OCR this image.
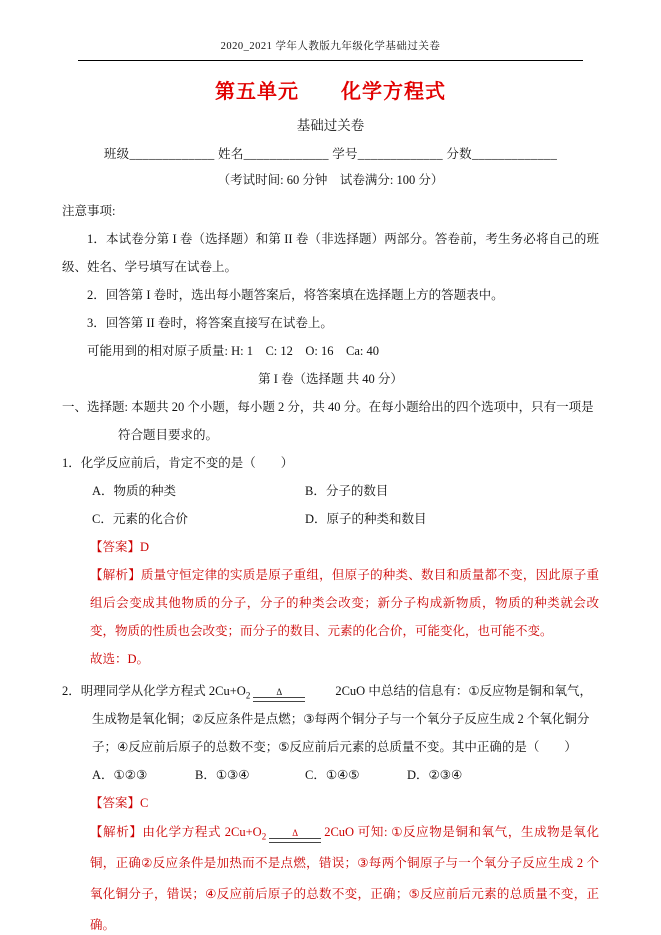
2020_2021 学年人教版九年级化学基础过关卷

第五单元　　化学方程式

基础过关卷

班级_____________ 姓名_____________ 学号_____________ 分数_____________

（考试时间: 60 分钟　试卷满分: 100 分）

注意事项:

1．本试卷分第 I 卷（选择题）和第 II 卷（非选择题）两部分。答卷前，考生务必将自己的班级、姓名、学号填写在试卷上。

2．回答第 I 卷时，选出每小题答案后，将答案填在选择题上方的答题表中。

3．回答第 II 卷时，将答案直接写在试卷上。

可能用到的相对原子质量: H: 1　C: 12　O: 16　Ca: 40

第 I 卷（选择题 共 40 分）

一、选择题: 本题共 20 个小题，每小题 2 分，共 40 分。在每小题给出的四个选项中，只有一项是符合题目要求的。

1．化学反应前后，肯定不变的是（　　）

A．物质的种类	B．分子的数目

C．元素的化合价	D．原子的种类和数目

【答案】D

【解析】质量守恒定律的实质是原子重组，但原子的种类、数目和质量都不变，因此原子重组后会变成其他物质的分子，分子的种类会改变；新分子构成新物质，物质的种类就会改变，物质的性质也会改变；而分子的数目、元素的化合价，可能变化，也可能不变。

故选：D。

2．明理同学从化学方程式 $2Cu+O_2$	Δ	2CuO 中总结的信息有：①反应物是铜和氧气，生成物是氧化铜；②反应条件是点燃；③每两个铜分子与一个氧分子反应生成 2 个氧化铜分子；④反应前后原子的总数不变；⑤反应前后元素的总质量不变。其中正确的是（　　）

A．①②③	B．①③④	C．①④⑤	D．②③④

【答案】C

【解析】由化学方程式 $2Cu+O_2$	Δ	2CuO 可知: ①反应物是铜和氧气，生成物是氧化铜，正确②反应条件是加热而不是点燃，错误；③每两个铜原子与一个氧分子反应生成 2 个氧化铜分子，错误；④反应前后原子的总数不变，正确；⑤反应前后元素的总质量不变，正确。
